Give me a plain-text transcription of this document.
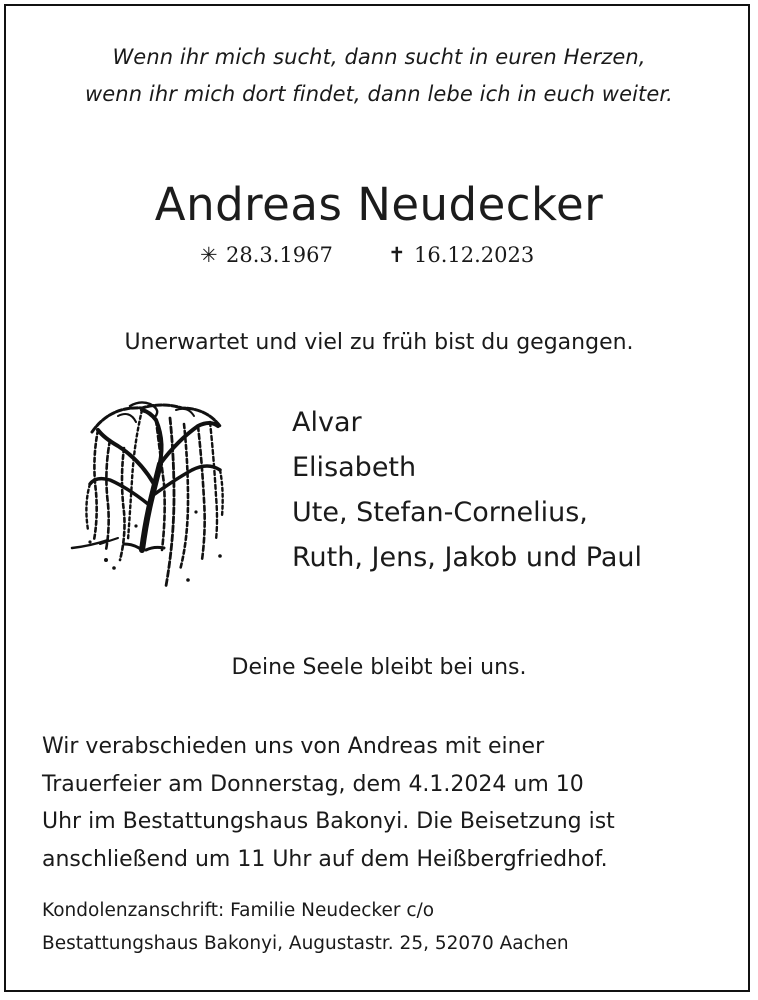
Wenn ihr mich sucht, dann sucht in euren Herzen,
wenn ihr mich dort findet, dann lebe ich in euch weiter.
Andreas Neudecker
✳ 28.3.1967	✝ 16.12.2023
Unerwartet und viel zu früh bist du gegangen.
Alvar
Elisabeth
Ute, Stefan-Cornelius,
Ruth, Jens, Jakob und Paul
Deine Seele bleibt bei uns.
Wir verabschieden uns von Andreas mit einer
Trauerfeier am Donnerstag, dem 4.1.2024 um 10
Uhr im Bestattungshaus Bakonyi. Die Beisetzung ist
anschließend um 11 Uhr auf dem Heißbergfriedhof.
Kondolenzanschrift: Familie Neudecker c/o
Bestattungshaus Bakonyi, Augustastr. 25, 52070 Aachen
